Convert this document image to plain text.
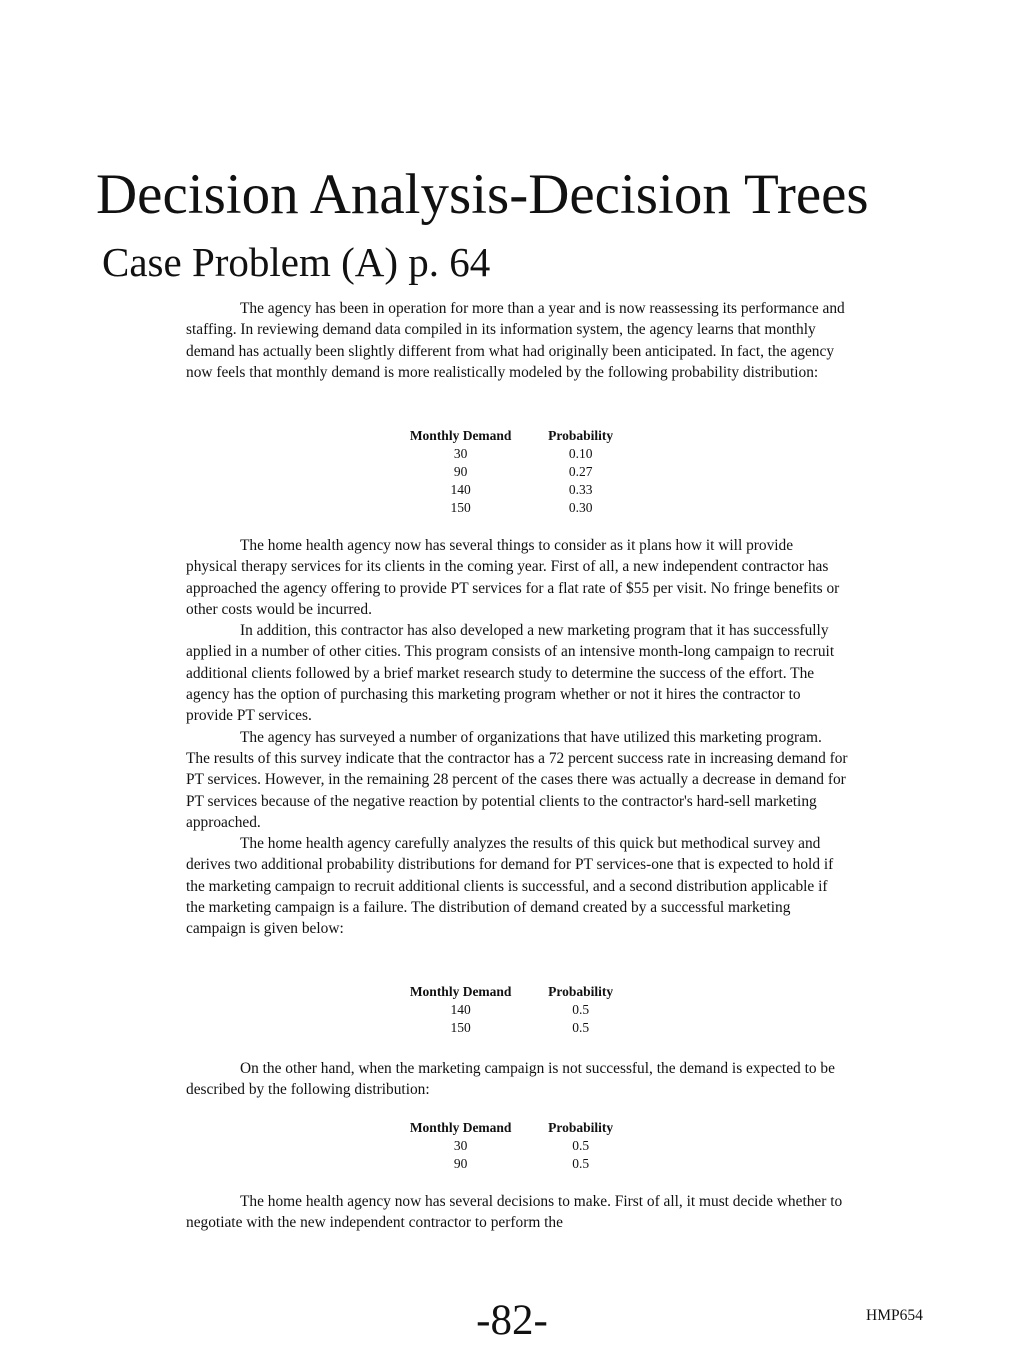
Decision Analysis-Decision Trees
Case Problem (A) p. 64

The agency has been in operation for more than a year and is now reassessing its performance and staffing. In reviewing demand data compiled in its information system, the agency learns that monthly demand has actually been slightly different from what had originally been anticipated. In fact, the agency now feels that monthly demand is more realistically modeled by the following probability distribution:

Monthly Demand	Probability
30	0.10
90	0.27
140	0.33
150	0.30

The home health agency now has several things to consider as it plans how it will provide physical therapy services for its clients in the coming year. First of all, a new independent contractor has approached the agency offering to provide PT services for a flat rate of $55 per visit. No fringe benefits or other costs would be incurred.

In addition, this contractor has also developed a new marketing program that it has successfully applied in a number of other cities. This program consists of an intensive month-long campaign to recruit additional clients followed by a brief market research study to determine the success of the effort. The agency has the option of purchasing this marketing program whether or not it hires the contractor to provide PT services.

The agency has surveyed a number of organizations that have utilized this marketing program. The results of this survey indicate that the contractor has a 72 percent success rate in increasing demand for PT services. However, in the remaining 28 percent of the cases there was actually a decrease in demand for PT services because of the negative reaction by potential clients to the contractor's hard-sell marketing approached.

The home health agency carefully analyzes the results of this quick but methodical survey and derives two additional probability distributions for demand for PT services-one that is expected to hold if the marketing campaign to recruit additional clients is successful, and a second distribution applicable if the marketing campaign is a failure. The distribution of demand created by a successful marketing campaign is given below:

Monthly Demand	Probability
140	0.5
150	0.5

On the other hand, when the marketing campaign is not successful, the demand is expected to be described by the following distribution:

Monthly Demand	Probability
30	0.5
90	0.5

The home health agency now has several decisions to make. First of all, it must decide whether to negotiate with the new independent contractor to perform the

-82-	HMP654
